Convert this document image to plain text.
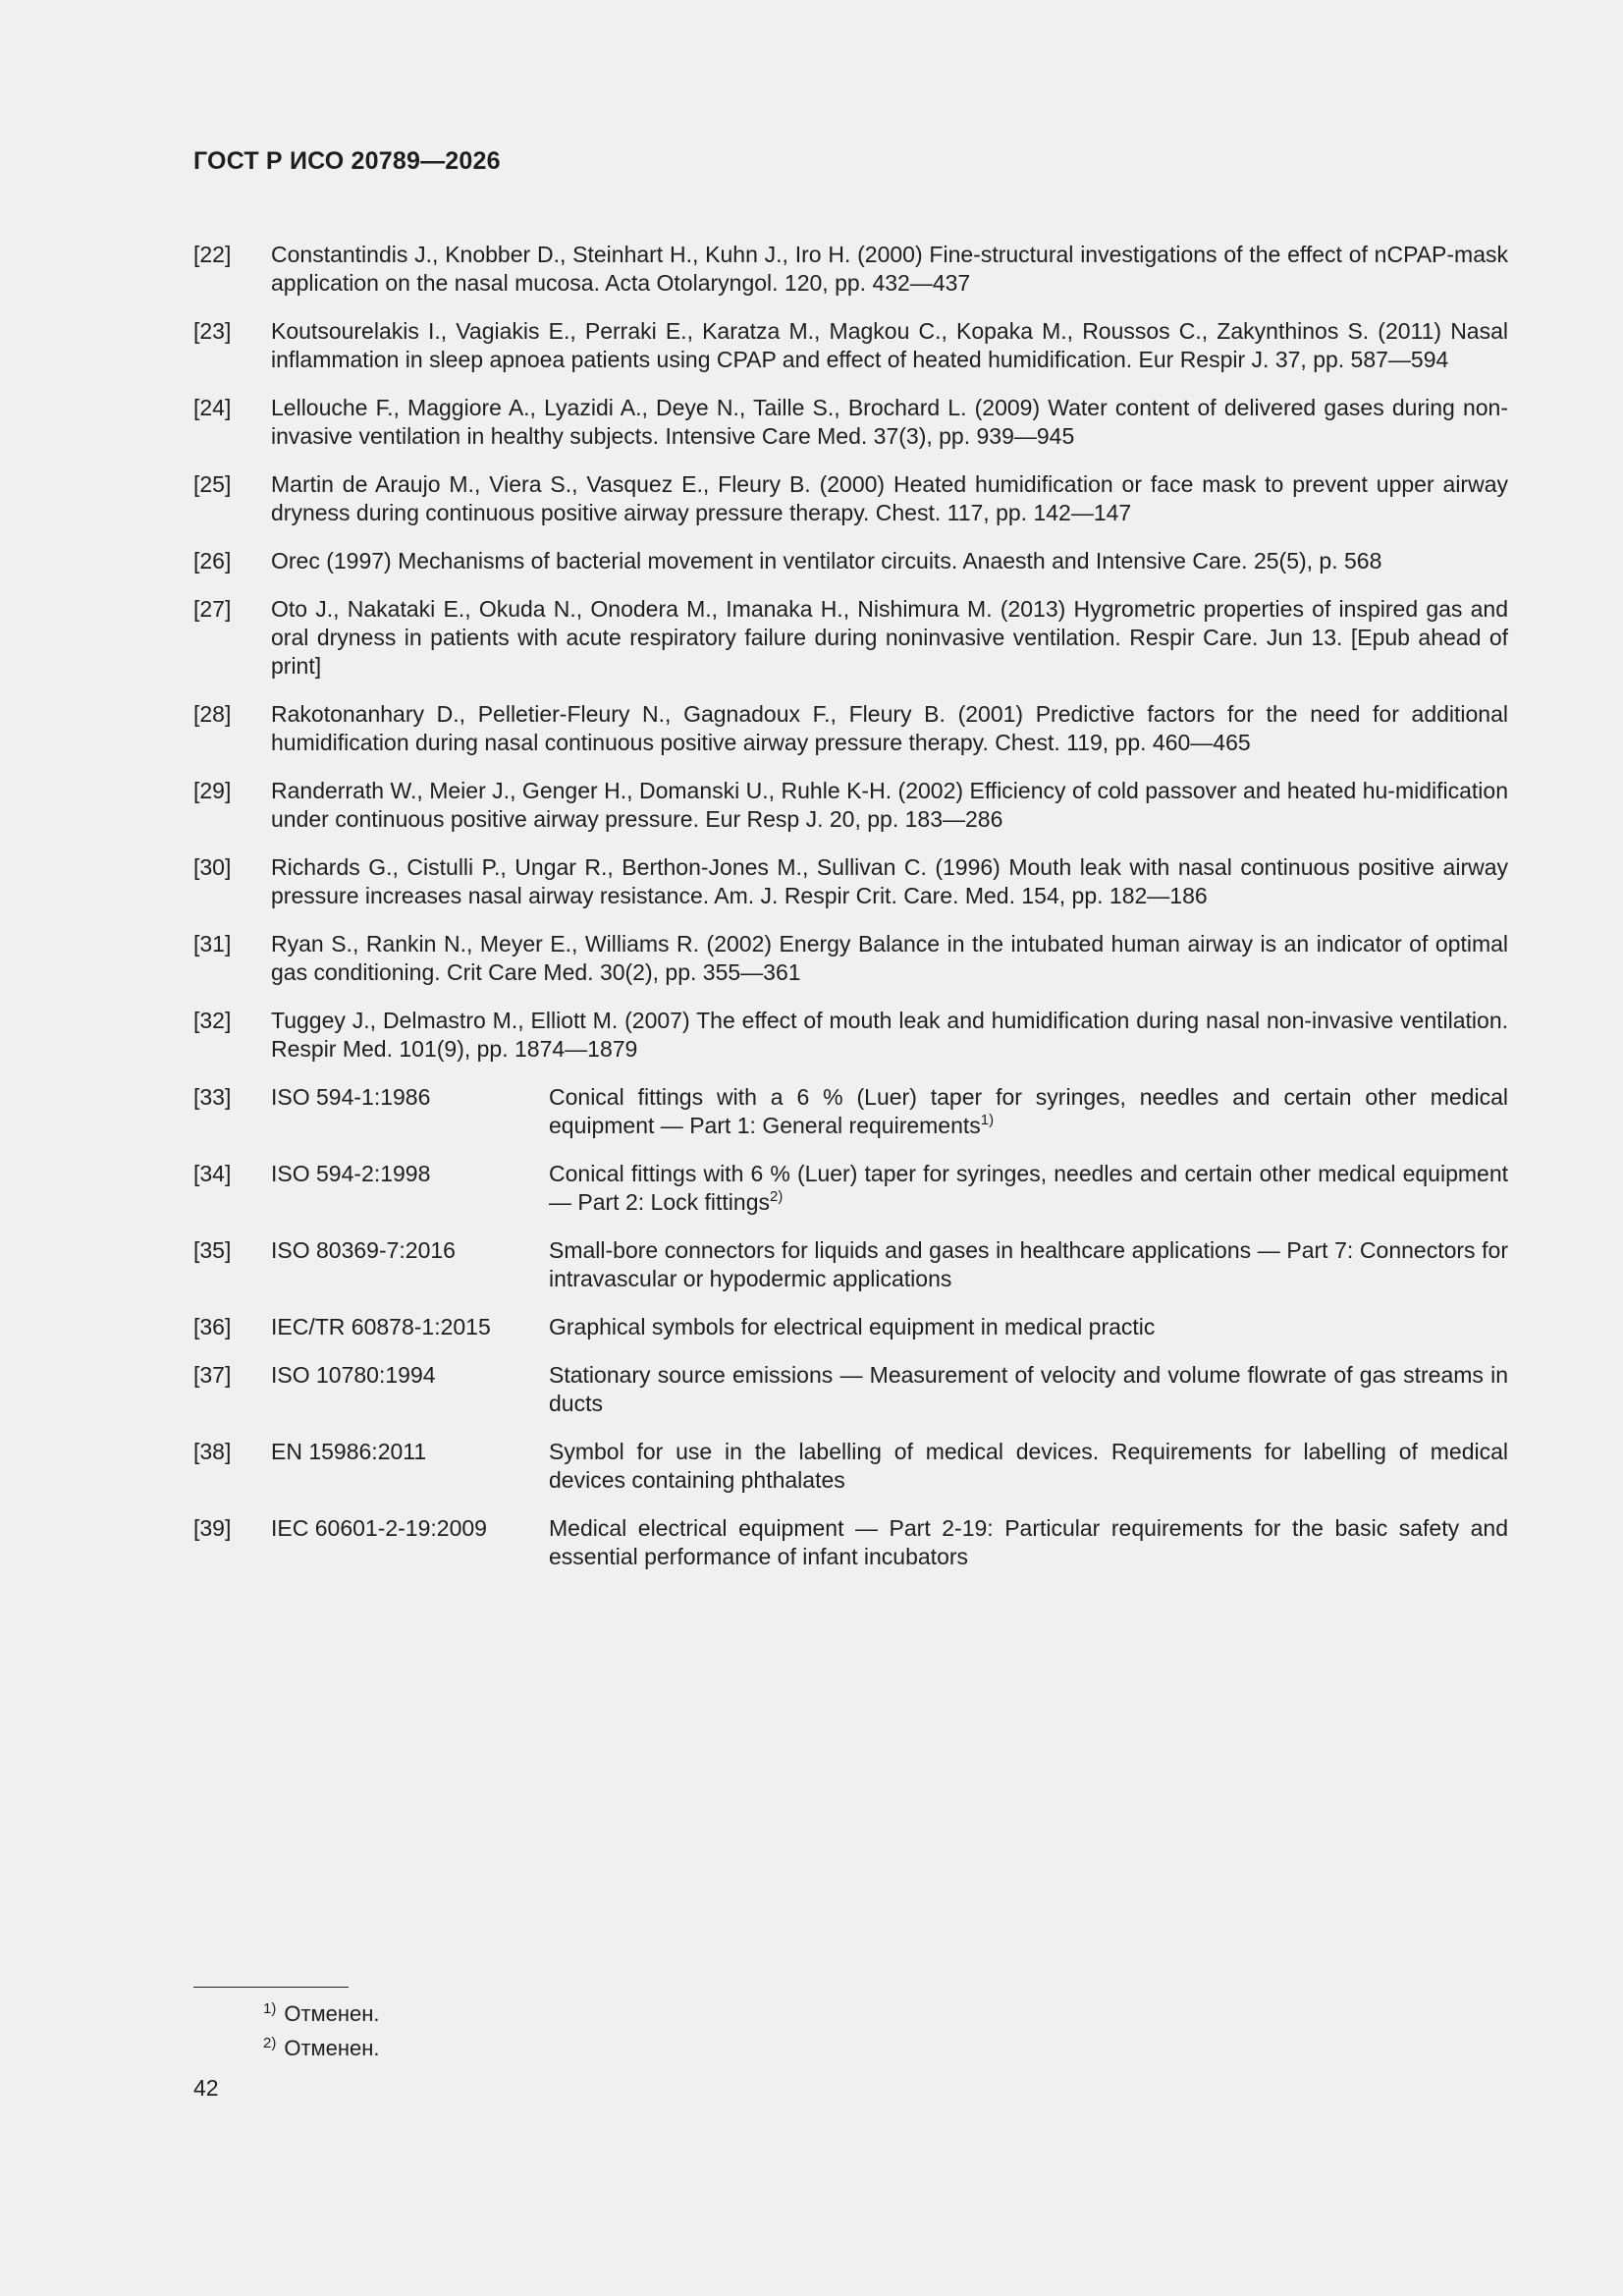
ГОСТ Р ИСО 20789—2026
[22]	Constantindis J., Knobber D., Steinhart H., Kuhn J., Iro H. (2000) Fine-structural investigations of the effect of nCPAP-mask application on the nasal mucosa. Acta Otolaryngol. 120, pp. 432—437
[23]	Koutsourelakis I., Vagiakis E., Perraki E., Karatza M., Magkou C., Kopaka M., Roussos C., Zakynthinos S. (2011) Nasal inflammation in sleep apnoea patients using CPAP and effect of heated humidification. Eur Respir J. 37, pp. 587—594
[24]	Lellouche F., Maggiore A., Lyazidi A., Deye N., Taille S., Brochard L. (2009) Water content of delivered gases during non-invasive ventilation in healthy subjects. Intensive Care Med. 37(3), pp. 939—945
[25]	Martin de Araujo M., Viera S., Vasquez E., Fleury B. (2000) Heated humidification or face mask to prevent upper airway dryness during continuous positive airway pressure therapy. Chest. 117, pp. 142—147
[26]	Orec (1997) Mechanisms of bacterial movement in ventilator circuits. Anaesth and Intensive Care. 25(5), p. 568
[27]	Oto J., Nakataki E., Okuda N., Onodera M., Imanaka H., Nishimura M. (2013) Hygrometric properties of inspired gas and oral dryness in patients with acute respiratory failure during noninvasive ventilation. Respir Care. Jun 13. [Epub ahead of print]
[28]	Rakotonanhary D., Pelletier-Fleury N., Gagnadoux F., Fleury B. (2001) Predictive factors for the need for additional humidification during nasal continuous positive airway pressure therapy. Chest. 119, pp. 460—465
[29]	Randerrath W., Meier J., Genger H., Domanski U., Ruhle K-H. (2002) Efficiency of cold passover and heated hu-midification under continuous positive airway pressure. Eur Resp J. 20, pp. 183—286
[30]	Richards G., Cistulli P., Ungar R., Berthon-Jones M., Sullivan C. (1996) Mouth leak with nasal continuous positive airway pressure increases nasal airway resistance. Am. J. Respir Crit. Care. Med. 154, pp. 182—186
[31]	Ryan S., Rankin N., Meyer E., Williams R. (2002) Energy Balance in the intubated human airway is an indicator of optimal gas conditioning. Crit Care Med. 30(2), pp. 355—361
[32]	Tuggey J., Delmastro M., Elliott M. (2007) The effect of mouth leak and humidification during nasal non-invasive ventilation. Respir Med. 101(9), pp. 1874—1879
[33]	ISO 594-1:1986	Conical fittings with a 6 % (Luer) taper for syringes, needles and certain other medical equipment — Part 1: General requirements$^{1)}$
[34]	ISO 594-2:1998	Conical fittings with 6 % (Luer) taper for syringes, needles and certain other medical equipment — Part 2: Lock fittings$^{2)}$
[35]	ISO 80369-7:2016	Small-bore connectors for liquids and gases in healthcare applications — Part 7: Connectors for intravascular or hypodermic applications
[36]	IEC/TR 60878-1:2015	Graphical symbols for electrical equipment in medical practic
[37]	ISO 10780:1994	Stationary source emissions — Measurement of velocity and volume flowrate of gas streams in ducts
[38]	EN 15986:2011	Symbol for use in the labelling of medical devices. Requirements for labelling of medical devices containing phthalates
[39]	IEC 60601-2-19:2009	Medical electrical equipment — Part 2-19: Particular requirements for the basic safety and essential performance of infant incubators
$^{1)}$ Отменен.
$^{2)}$ Отменен.
42
